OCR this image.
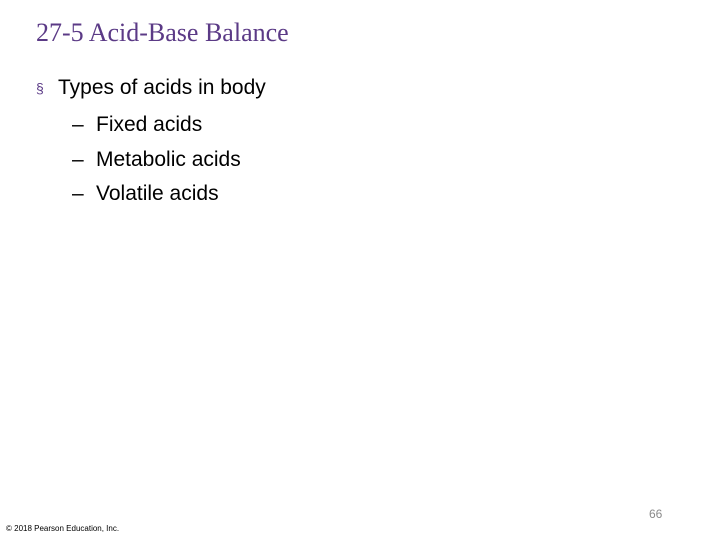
27-5 Acid-Base Balance
§ Types of acids in body
– Fixed acids
– Metabolic acids
– Volatile acids
66
© 2018 Pearson Education, Inc.
